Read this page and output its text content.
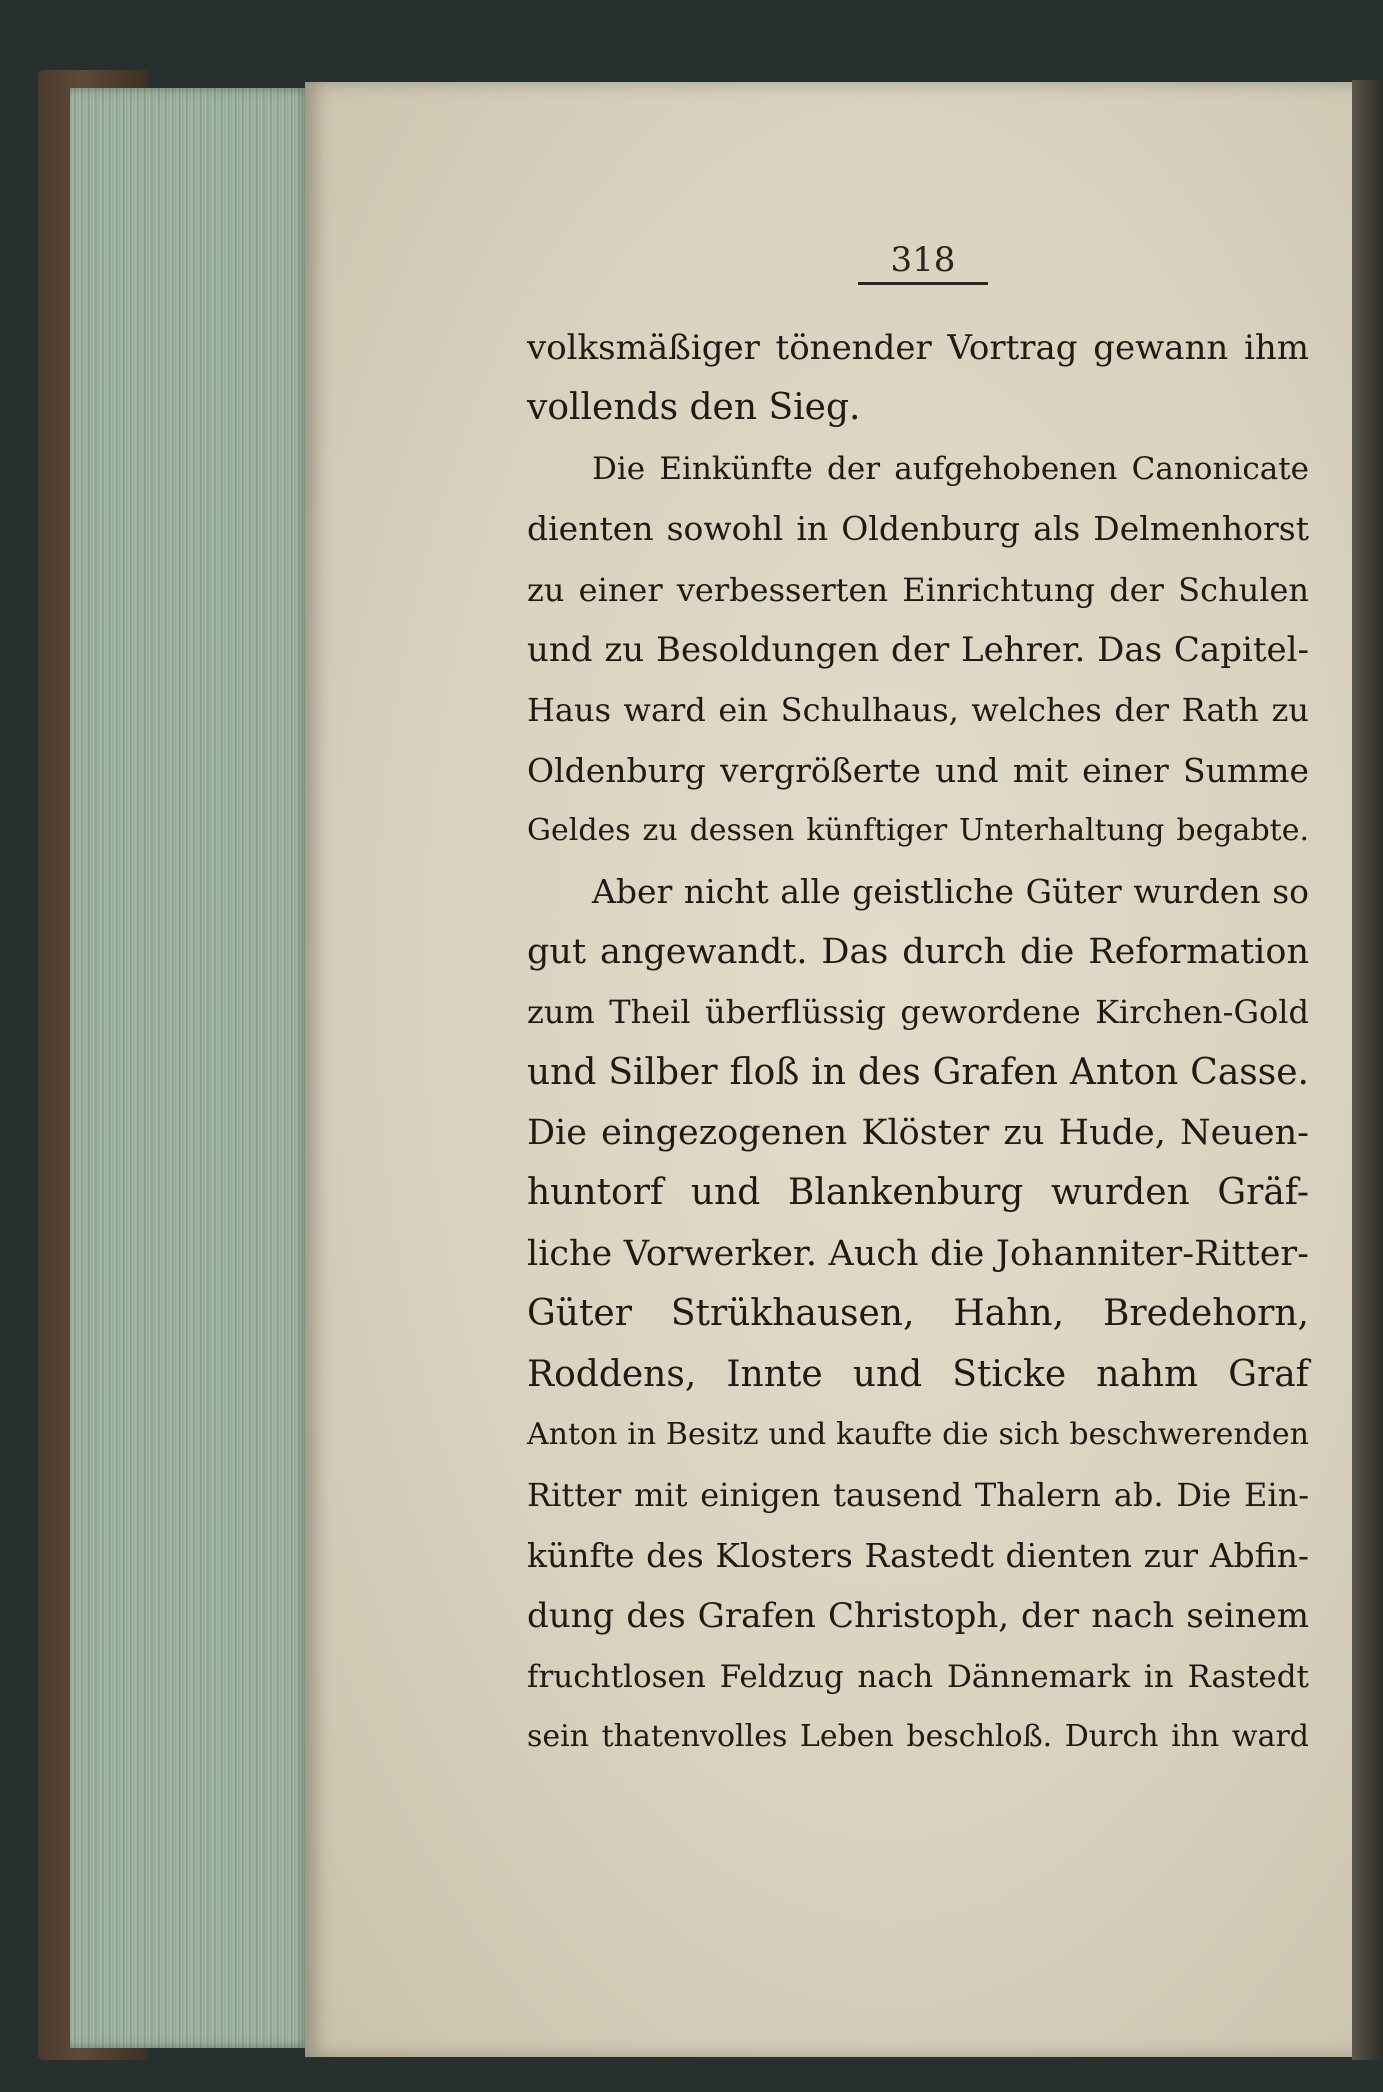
318
volksmäßiger tönender Vortrag gewann ihm
vollends den Sieg.
Die Einkünfte der aufgehobenen Canonicate
dienten sowohl in Oldenburg als Delmenhorst
zu einer verbesserten Einrichtung der Schulen
und zu Besoldungen der Lehrer. Das Capitel-
Haus ward ein Schulhaus, welches der Rath zu
Oldenburg vergrößerte und mit einer Summe
Geldes zu dessen künftiger Unterhaltung begabte.
Aber nicht alle geistliche Güter wurden so
gut angewandt. Das durch die Reformation
zum Theil überflüssig gewordene Kirchen-Gold
und Silber floß in des Grafen Anton Casse.
Die eingezogenen Klöster zu Hude, Neuen-
huntorf und Blankenburg wurden Gräf-
liche Vorwerker. Auch die Johanniter-Ritter-
Güter Strükhausen, Hahn, Bredehorn,
Roddens, Innte und Sticke nahm Graf
Anton in Besitz und kaufte die sich beschwerenden
Ritter mit einigen tausend Thalern ab. Die Ein-
künfte des Klosters Rastedt dienten zur Abfin-
dung des Grafen Christoph, der nach seinem
fruchtlosen Feldzug nach Dännemark in Rastedt
sein thatenvolles Leben beschloß. Durch ihn ward
